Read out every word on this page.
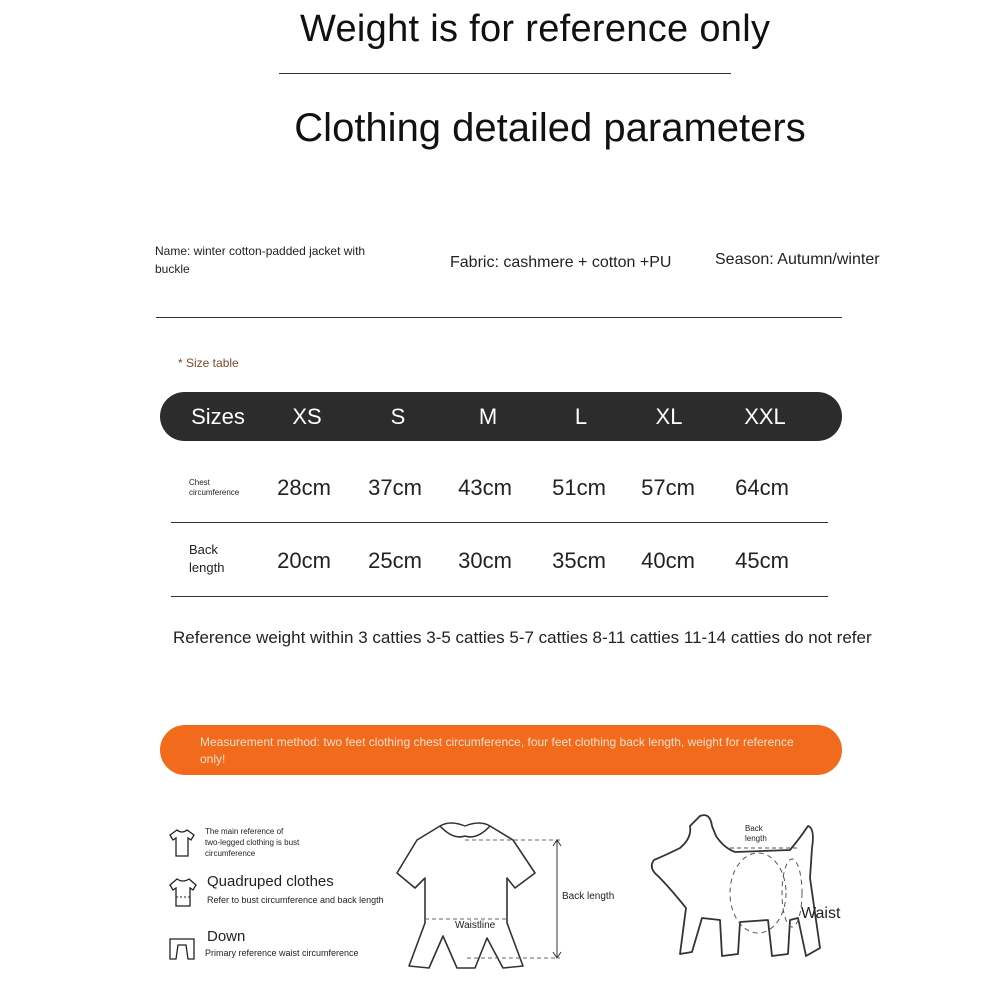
Weight is for reference only
Clothing detailed parameters
Name: winter cotton-padded jacket with buckle	Fabric: cashmere + cotton +PU	Season: Autumn/winter
* Size table
Sizes	XS	S	M	L	XL	XXL
Chest circumference	28cm	37cm	43cm	51cm	57cm	64cm
Back length	20cm	25cm	30cm	35cm	40cm	45cm
Reference weight within 3 catties 3-5 catties 5-7 catties 8-11 catties 11-14 catties do not refer
Measurement method: two feet clothing chest circumference, four feet clothing back length, weight for reference only!
The main reference of two-legged clothing is bust circumference
Quadruped clothes
Refer to bust circumference and back length
Down
Primary reference waist circumference
Waistline
Back length
Back length
Waist
